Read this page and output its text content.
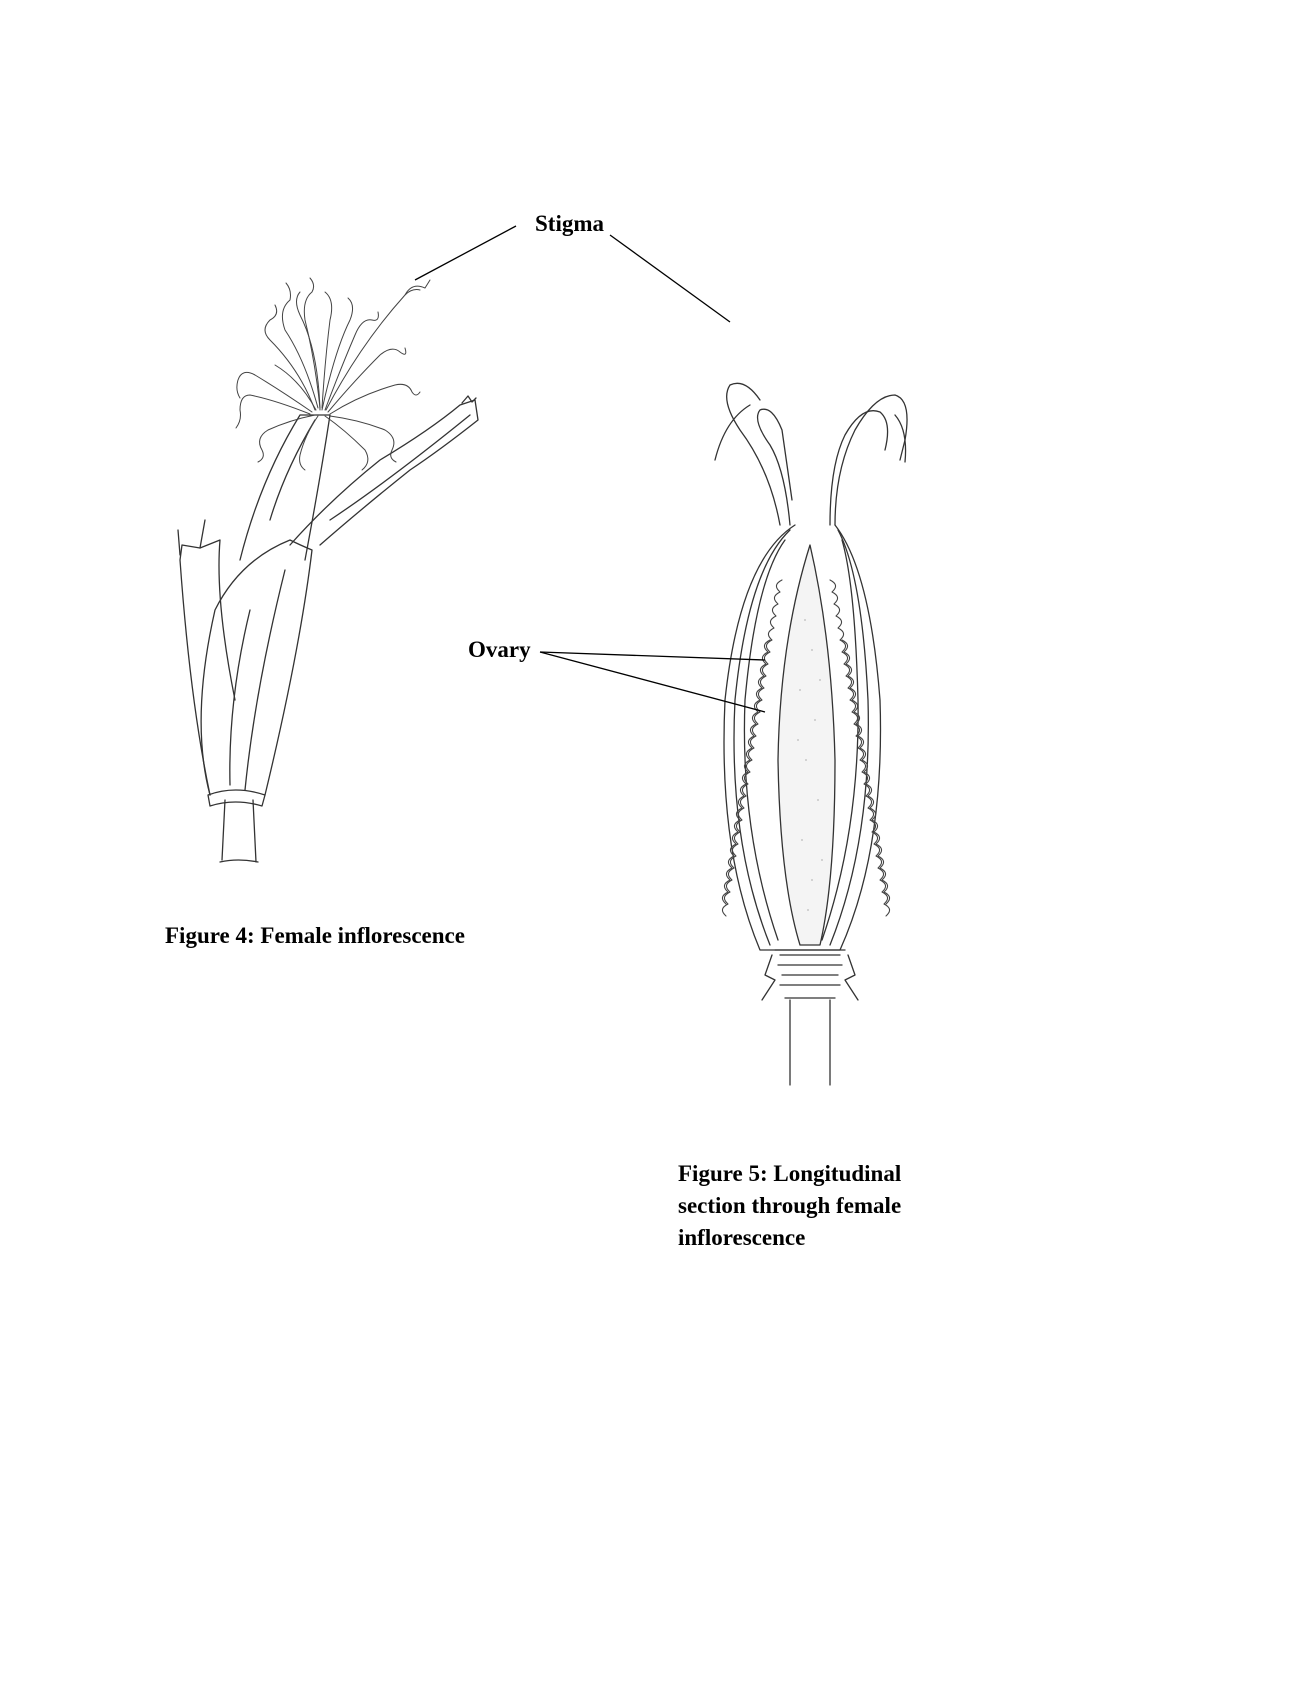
Stigma
Ovary
Figure 4: Female inflorescence
Figure 5: Longitudinal section through female inflorescence
